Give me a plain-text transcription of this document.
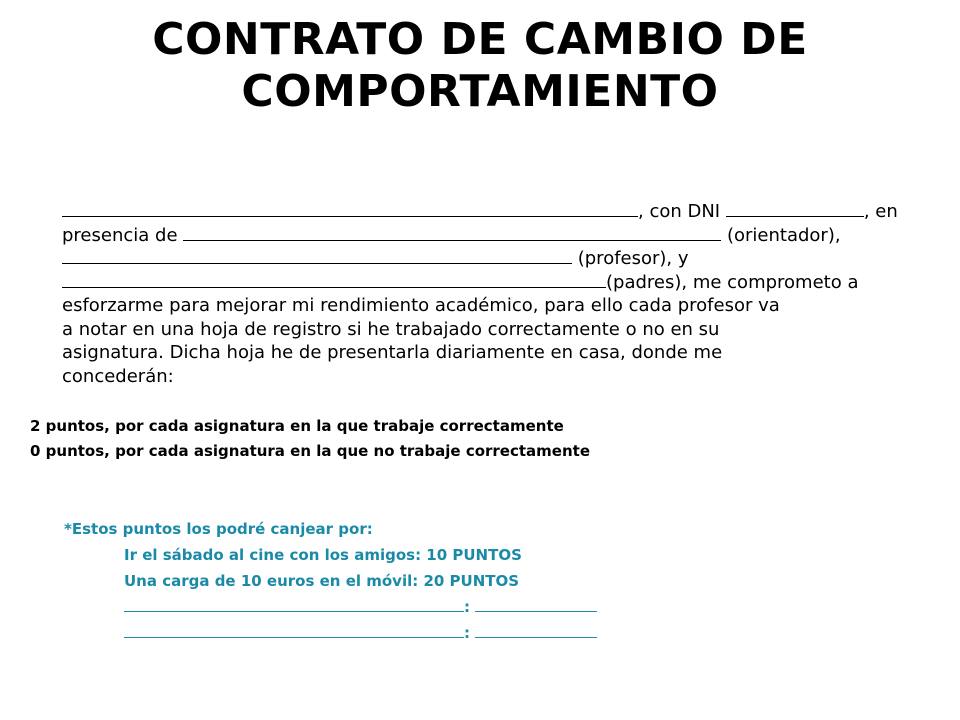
CONTRATO DE CAMBIO DE
COMPORTAMIENTO
, con DNI	, en
presencia de	(orientador),
(profesor), y
(padres), me comprometo a
esforzarme para mejorar mi rendimiento académico, para ello cada profesor va
a notar en una hoja de registro si he trabajado correctamente o no en su
asignatura. Dicha hoja he de presentarla diariamente en casa, donde me
concederán:
2 puntos, por cada asignatura en la que trabaje correctamente
0 puntos, por cada asignatura en la que no trabaje correctamente
*Estos puntos los podré canjear por:
Ir el sábado al cine con los amigos: 10 PUNTOS
Una carga de 10 euros en el móvil: 20 PUNTOS
:
:
